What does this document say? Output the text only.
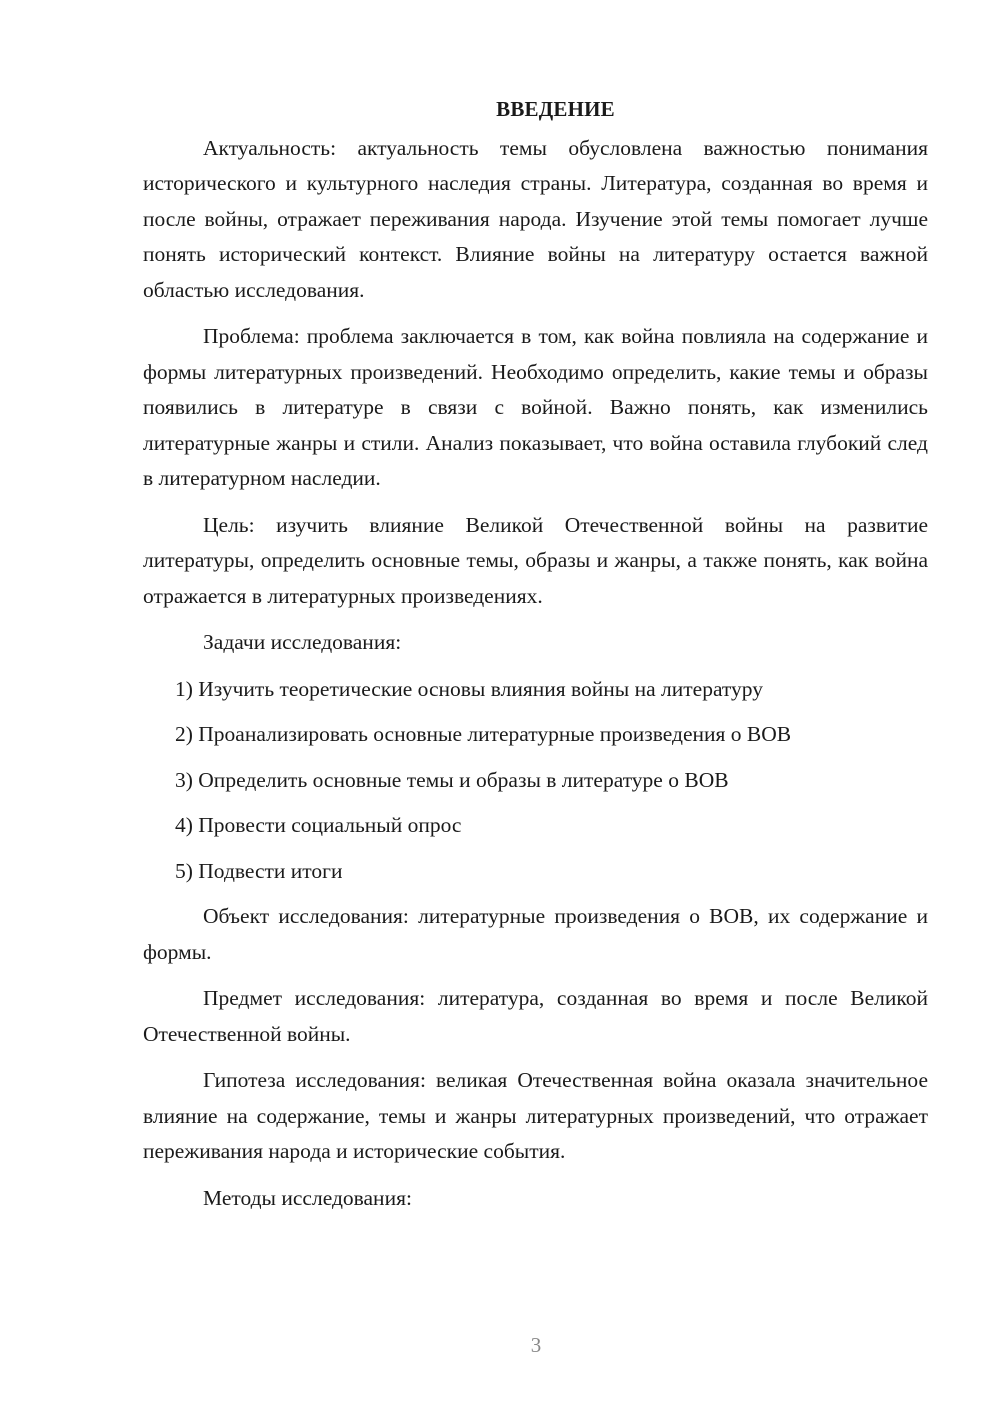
ВВЕДЕНИЕ

Актуальность: актуальность темы обусловлена важностью понимания исторического и культурного наследия страны. Литература, созданная во время и после войны, отражает переживания народа. Изучение этой темы помогает лучше понять исторический контекст. Влияние войны на литературу остается важной областью исследования.

Проблема: проблема заключается в том, как война повлияла на содержание и формы литературных произведений. Необходимо определить, какие темы и образы появились в литературе в связи с войной. Важно понять, как изменились литературные жанры и стили. Анализ показывает, что война оставила глубокий след в литературном наследии.

Цель: изучить влияние Великой Отечественной войны на развитие литературы, определить основные темы, образы и жанры, а также понять, как война отражается в литературных произведениях.

Задачи исследования:

1) Изучить теоретические основы влияния войны на литературу
2) Проанализировать основные литературные произведения о ВОВ
3) Определить основные темы и образы в литературе о ВОВ
4) Провести социальный опрос
5) Подвести итоги

Объект исследования: литературные произведения о ВОВ, их содержание и формы.

Предмет исследования: литература, созданная во время и после Великой Отечественной войны.

Гипотеза исследования: великая Отечественная война оказала значительное влияние на содержание, темы и жанры литературных произведений, что отражает переживания народа и исторические события.

Методы исследования:

3
